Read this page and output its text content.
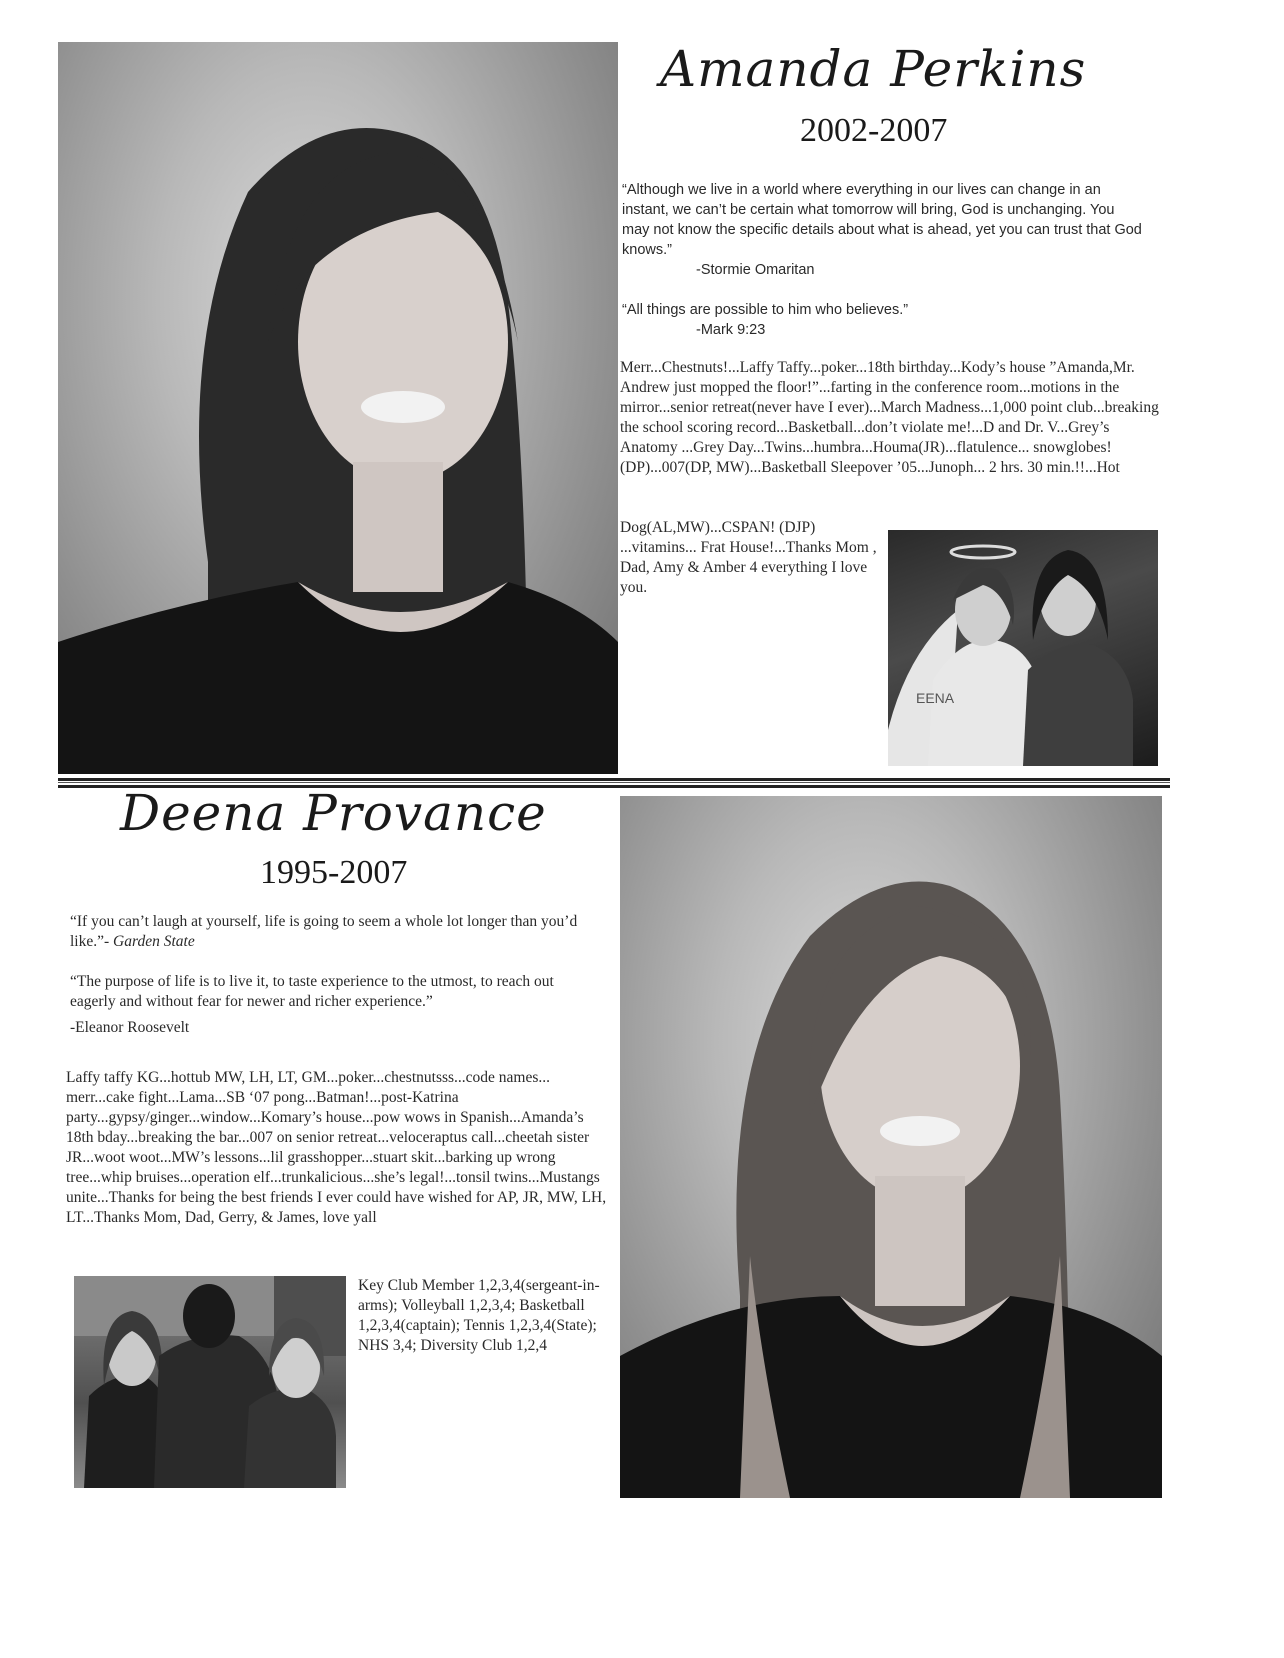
Amanda Perkins
2002-2007
“Although we live in a world where everything in our lives can change in an instant, we can’t be certain what tomorrow will bring, God is unchanging. You may not know the specific details about what is ahead, yet you can trust that God knows.”
-Stormie Omaritan
“All things are possible to him who believes.”
-Mark 9:23
Merr...Chestnuts!...Laffy Taffy...poker...18th birthday...Kody’s house ”Amanda,Mr. Andrew just mopped the floor!”...farting in the conference room...motions in the mirror...senior retreat(never have I ever)...March Madness...1,000 point club...breaking the school scoring record...Basketball...don’t violate me!...D and Dr. V...Grey’s Anatomy ...Grey Day...Twins...humbra...Houma(JR)...flatulence... snowglobes!(DP)...007(DP, MW)...Basketball Sleepover ’05...Junoph... 2 hrs. 30 min.!!...Hot
Dog(AL,MW)...CSPAN! (DJP) ...vitamins... Frat House!...Thanks Mom , Dad, Amy & Amber 4 everything I love you.
EENA
Deena Provance
1995-2007
“If you can’t laugh at yourself, life is going to seem a whole lot longer than you’d like.”- Garden State
“The purpose of life is to live it, to taste experience to the utmost, to reach out eagerly and without fear for newer and richer experience.”
-Eleanor Roosevelt
Laffy taffy KG...hottub MW, LH, LT, GM...poker...chestnutsss...code names... merr...cake fight...Lama...SB ‘07 pong...Batman!...post-Katrina party...gypsy/ginger...window...Komary’s house...pow wows in Spanish...Amanda’s 18th bday...breaking the bar...007 on senior retreat...veloceraptus call...cheetah sister JR...woot woot...MW’s lessons...lil grasshopper...stuart skit...barking up wrong tree...whip bruises...operation elf...trunkalicious...she’s legal!...tonsil twins...Mustangs unite...Thanks for being the best friends I ever could have wished for AP, JR, MW, LH, LT...Thanks Mom, Dad, Gerry, & James, love yall
Key Club Member 1,2,3,4(sergeant-in-arms); Volleyball 1,2,3,4; Basketball 1,2,3,4(captain); Tennis 1,2,3,4(State); NHS 3,4; Diversity Club 1,2,4
